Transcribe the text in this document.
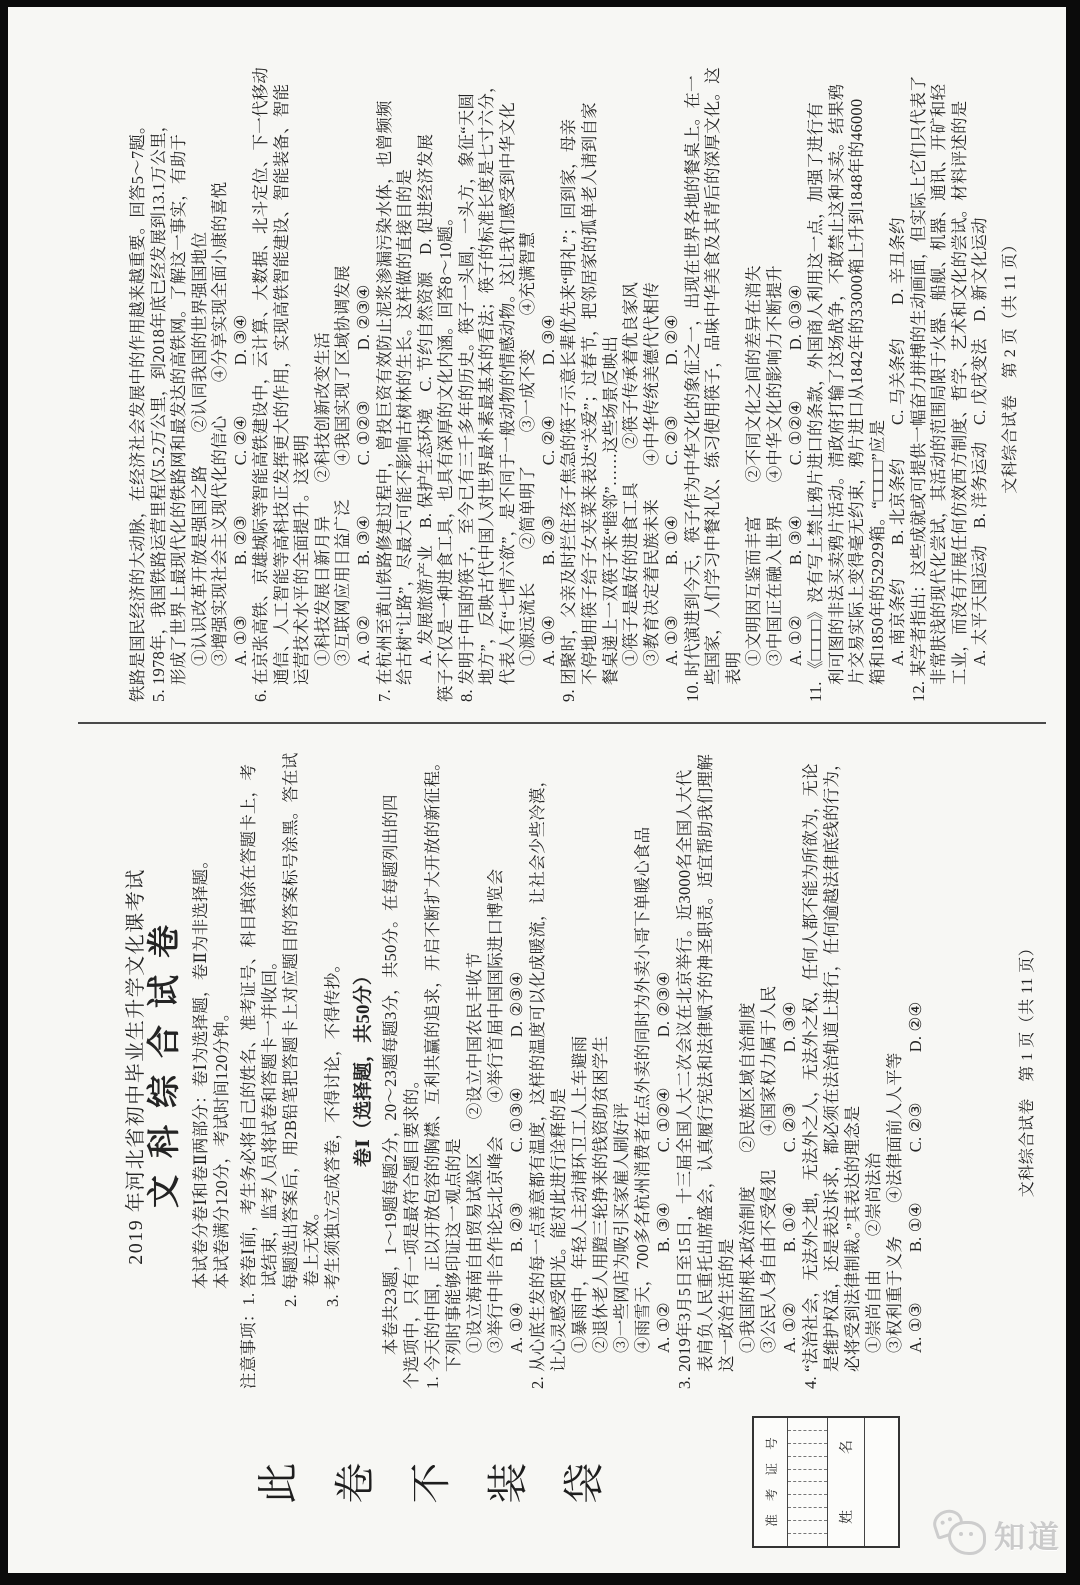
铁路是国民经济的大动脉，在经济社会发展中的作用越来越重要。回答5～7题。 5. 1978年，我国铁路运营里程仅5.2万公里，到2018年底已经发展到13.1万公里， 形成了世界上最现代化的铁路网和最发达的高铁网。了解这一事实，有助于 ①认识改革开放是强国之路　　②认同我国的世界强国地位 ③增强实现社会主义现代化的信心　　④分享实现全面小康的喜悦 A. ①③　　　B. ②③　　　C. ②④　　　D. ③④ 6. 在京张高铁、京雄城际等智能高铁建设中，云计算、大数据、北斗定位、下一代移动 通信、人工智能等高科技正发挥更大的作用，实现高铁智能建设、智能装备、智能 运营技术水平的全面提升。这表明 ①科技发展日新月异　　②科技创新改变生活 ③互联网应用日益广泛　　④我国实现了区域协调发展 A. ①②　　　B. ③④　　　C. ①②③　　　D. ②③④ 7. 在杭州至黄山铁路修建过程中，曾投巨资有效防止泥浆渗漏污染水体，也曾频频 给古树“让路”，尽最大可能不影响古树林的生长。这样做的直接目的是 A. 发展旅游产业　B. 保护生态环境　C. 节约自然资源　D. 促进经济发展 筷子不仅是一种进食工具，也具有深厚的文化内涵。回答8～10题。 8. 发明于中国的筷子，至今已有三千多年的历史。筷子一头圆，一头方，象征“天圆 地方”，反映古代中国人对世界最朴素最基本的看法；筷子的标准长度是七寸六分， 代表人有“七情六欲”，是不同于一般动物的情感动物。这让我们感受到中华文化 ①源远流长　　②简单明了　　③一成不变　　④充满智慧 A. ①④　　　B. ②③　　　C. ②④　　　D. ③④ 9. 团聚时，父亲及时拦住孩子焦急的筷子示意长辈优先来“明礼”；回到家，母亲 不停地用筷子给子女夹菜来表达“关爱”；过春节，把邻居家的孤单老人请到自家 餐桌递上一双筷子来“睦邻”……这些场景反映出 ①筷子是最好的进食工具　　②筷子传承着优良家风 ③教育决定着民族未来　　④中华传统美德代代相传 A. ①③　　　B. ①④　　　C. ②③　　　D. ②④ 10. 时代演进到今天，筷子作为中华文化的象征之一，出现在世界各地的餐桌上。在一 些国家，人们学习中餐礼仪、练习使用筷子，品味中华美食及其背后的深厚文化。这 表明
①文明因互鉴而丰富　　②不同文化之间的差异在消失 ③中国正在融入世界　　④中华文化的影响力不断提升 A. ①②　　　B. ③④　　　C. ①②④　　　D. ①③④ 11. 《□□□□》没有写上禁止鸦片进口的条款，外国商人利用这一点，加强了进行有 利可图的非法买卖鸦片活动。清政府打输了这场战争，不敢禁止这种买卖。结果鸦 片交易实际上变得毫无约束，鸦片进口从1842年的33000箱上升到1848年的46000 箱和1850年的52929箱。“□□□□”应是 A. 南京条约　　B. 北京条约　　C. 马关条约　　D. 辛丑条约 12. 某学者指出：这些成就或可提供一幅奋力拼搏的生动画面，但实际上它们只代表了 非常肤浅的现代化尝试，其活动的范围局限于火器、船舰、机器、通讯、开矿和轻 工业，而没有开展任何仿效西方制度、哲学、艺术和文化的尝试。材料评述的是 A. 太平天国运动　B. 洋务运动　C. 戊戌变法　D. 新文化运动 文科综合试卷　第 2 页（共 11 页）
2019 年河北省初中毕业生升学文化课考试 文科综合试卷 本试卷分卷Ⅰ和卷Ⅱ两部分：卷Ⅰ为选择题，卷Ⅱ为非选择题。 本试卷满分120分，考试时间120分钟。 注意事项：1. 答卷Ⅰ前，考生务必将自己的姓名、准考证号、科目填涂在答题卡上，考 试结束，监考人员将试卷和答题卡一并收回。 2. 每题选出答案后，用2B铅笔把答题卡上对应题目的答案标号涂黑。答在试 卷上无效。 3. 考生须独立完成答卷，不得讨论，不得传抄。 卷Ⅰ（选择题，共50分） 本卷共23题，1～19题每题2分，20～23题每题3分，共50分。在每题列出的四 个选项中，只有一项是最符合题目要求的。 1. 今天的中国，正以开放包容的胸襟、互利共赢的追求，开启不断扩大开放的新征程。 下列时事能够印证这一观点的是 ①设立海南自由贸易试验区　　②设立中国农民丰收节 ③举行中非合作论坛北京峰会　　④举行首届中国国际进口博览会 A. ①④　　　B. ②③　　　C. ①③④　　　D. ②③④ 2. 从心底生发的每一点善意都有温度，这样的温度可以化成暖流，让社会少些冷漠， 让心灵感受阳光。能对此进行诠释的是 ①暴雨中，年轻人主动请环卫工人上车避雨 ②退休老人用蹬三轮挣来的钱资助贫困学生 ③一些网店为吸引买家雇人刷好评 ④雨雪天，700多名杭州消费者在点外卖的同时为外卖小哥下单暖心食品 A. ①②　　　B. ③④　　　C. ①②④　　　D. ②③④ 3. 2019年3月5日至15日，十三届全国人大二次会议在北京举行。近3000名全国人大代 表肩负人民重托出席盛会，认真履行宪法和法律赋予的神圣职责。适宜帮助我们理解 这一政治生活的是 ①我国的根本政治制度　　②民族区域自治制度 ③公民人身自由不受侵犯　　④国家权力属于人民 A. ①②　　　B. ①④　　　C. ②③　　　D. ③④ 4. “法治社会，无法外之地，无法外之人，无法外之权，任何人都不能为所欲为，无论 是维护权益，还是表达诉求，都必须在法治轨道上进行，任何逾越法律底线的行为， 必将受到法律制裁。”其表达的理念是 ①崇尚自由　　②崇尚法治 ③权利重于义务　　④法律面前人人平等 A. ①③　　　B. ①④　　　C. ②③　　　D. ②④	文科综合试卷　第 1 页（共 11 页）
此 卷 不 装 袋	准 考 证 号	姓
名
知道
